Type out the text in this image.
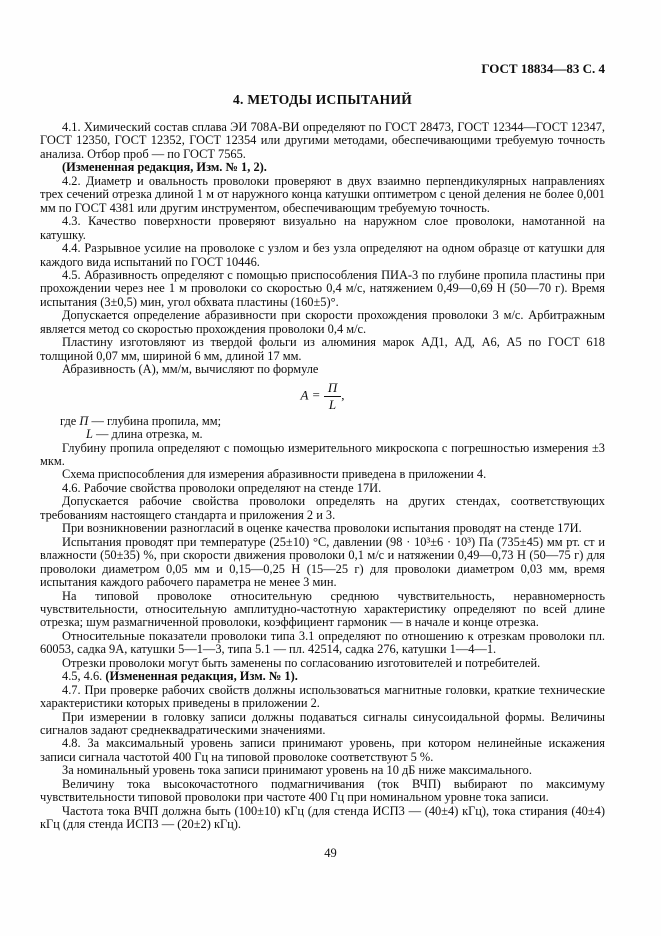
ГОСТ 18834—83 С. 4
4. МЕТОДЫ ИСПЫТАНИЙ

4.1. Химический состав сплава ЭИ 708А-ВИ определяют по ГОСТ 28473, ГОСТ 12344—ГОСТ 12347, ГОСТ 12350, ГОСТ 12352, ГОСТ 12354 или другими методами, обеспечивающими требуемую точность анализа. Отбор проб — по ГОСТ 7565.

(Измененная редакция, Изм. № 1, 2).

4.2. Диаметр и овальность проволоки проверяют в двух взаимно перпендикулярных направлениях трех сечений отрезка длиной 1 м от наружного конца катушки оптиметром с ценой деления не более 0,001 мм по ГОСТ 4381 или другим инструментом, обеспечивающим требуемую точность.

4.3. Качество поверхности проверяют визуально на наружном слое проволоки, намотанной на катушку.

4.4. Разрывное усилие на проволоке с узлом и без узла определяют на одном образце от катушки для каждого вида испытаний по ГОСТ 10446.

4.5. Абразивность определяют с помощью приспособления ПИА-3 по глубине пропила пластины при прохождении через нее 1 м проволоки со скоростью 0,4 м/с, натяжением 0,49—0,69 Н (50—70 г). Время испытания (3±0,5) мин, угол обхвата пластины (160±5)°.

Допускается определение абразивности при скорости прохождения проволоки 3 м/с. Арбитражным является метод со скоростью прохождения проволоки 0,4 м/с.

Пластину изготовляют из твердой фольги из алюминия марок АД1, АД, А6, А5 по ГОСТ 618 толщиной 0,07 мм, шириной 6 мм, длиной 17 мм.

Абразивность (А), мм/м, вычисляют по формуле

$A = \frac{П}{L}$ ,

где П — глубина пропила, мм;

L — длина отрезка, м.

Глубину пропила определяют с помощью измерительного микроскопа с погрешностью измерения ±3 мкм.

Схема приспособления для измерения абразивности приведена в приложении 4.

4.6. Рабочие свойства проволоки определяют на стенде 17И.

Допускается рабочие свойства проволоки определять на других стендах, соответствующих требованиям настоящего стандарта и приложения 2 и 3.

При возникновении разногласий в оценке качества проволоки испытания проводят на стенде 17И.

Испытания проводят при температуре (25±10) °С, давлении (98 · 10³±6 · 10³) Па (735±45) мм рт. ст и влажности (50±35) %, при скорости движения проволоки 0,1 м/с и натяжении 0,49—0,73 Н (50—75 г) для проволоки диаметром 0,05 мм и 0,15—0,25 Н (15—25 г) для проволоки диаметром 0,03 мм, время испытания каждого рабочего параметра не менее 3 мин.

На типовой проволоке относительную среднюю чувствительность, неравномерность чувствительности, относительную амплитудно-частотную характеристику определяют по всей длине отрезка; шум размагниченной проволоки, коэффициент гармоник — в начале и конце отрезка.

Относительные показатели проволоки типа 3.1 определяют по отношению к отрезкам проволоки пл. 60053, садка 9А, катушки 5—1—3, типа 5.1 — пл. 42514, садка 276, катушки 1—4—1.

Отрезки проволоки могут быть заменены по согласованию изготовителей и потребителей.

4.5, 4.6. (Измененная редакция, Изм. № 1).

4.7. При проверке рабочих свойств должны использоваться магнитные головки, краткие технические характеристики которых приведены в приложении 2.

При измерении в головку записи должны подаваться сигналы синусоидальной формы. Величины сигналов задают среднеквадратическими значениями.

4.8. За максимальный уровень записи принимают уровень, при котором нелинейные искажения записи сигнала частотой 400 Гц на типовой проволоке соответствуют 5 %.

За номинальный уровень тока записи принимают уровень на 10 дБ ниже максимального.

Величину тока высокочастотного подмагничивания (ток ВЧП) выбирают по максимуму чувствительности типовой проволоки при частоте 400 Гц при номинальном уровне тока записи.

Частота тока ВЧП должна быть (100±10) кГц (для стенда ИСП3 — (40±4) кГц), тока стирания (40±4) кГц (для стенда ИСП3 — (20±2) кГц).

49
